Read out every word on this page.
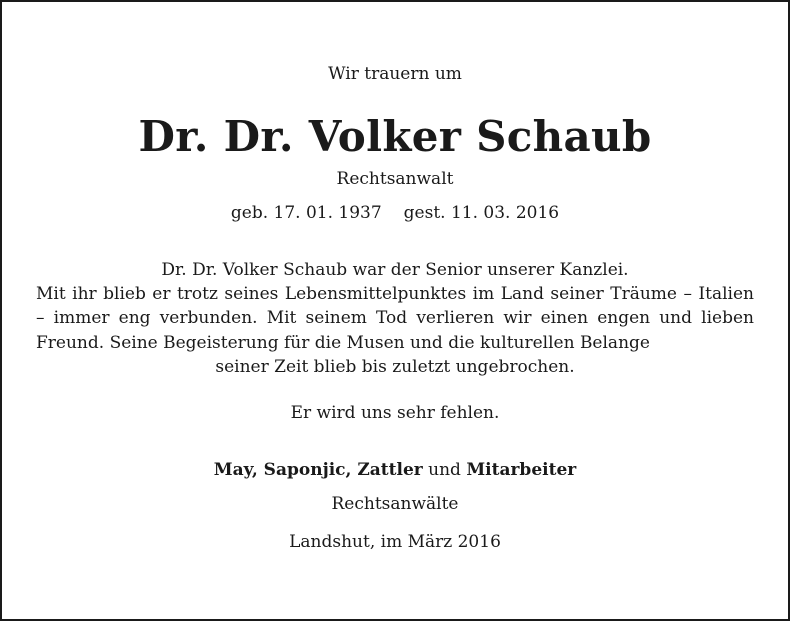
Wir trauern um
Dr. Dr. Volker Schaub
Rechtsanwalt
geb. 17. 01. 1937 gest. 11. 03. 2016
Dr. Dr. Volker Schaub war der Senior unserer Kanzlei.
Mit ihr blieb er trotz seines Lebensmittelpunktes im Land seiner Träume – Italien – immer eng verbunden. Mit seinem Tod verlieren wir einen engen und lieben Freund. Seine Begeisterung für die Musen und die kulturellen Belange
seiner Zeit blieb bis zuletzt ungebrochen.
Er wird uns sehr fehlen.
May, Saponjic, Zattler und Mitarbeiter
Rechtsanwälte
Landshut, im März 2016
